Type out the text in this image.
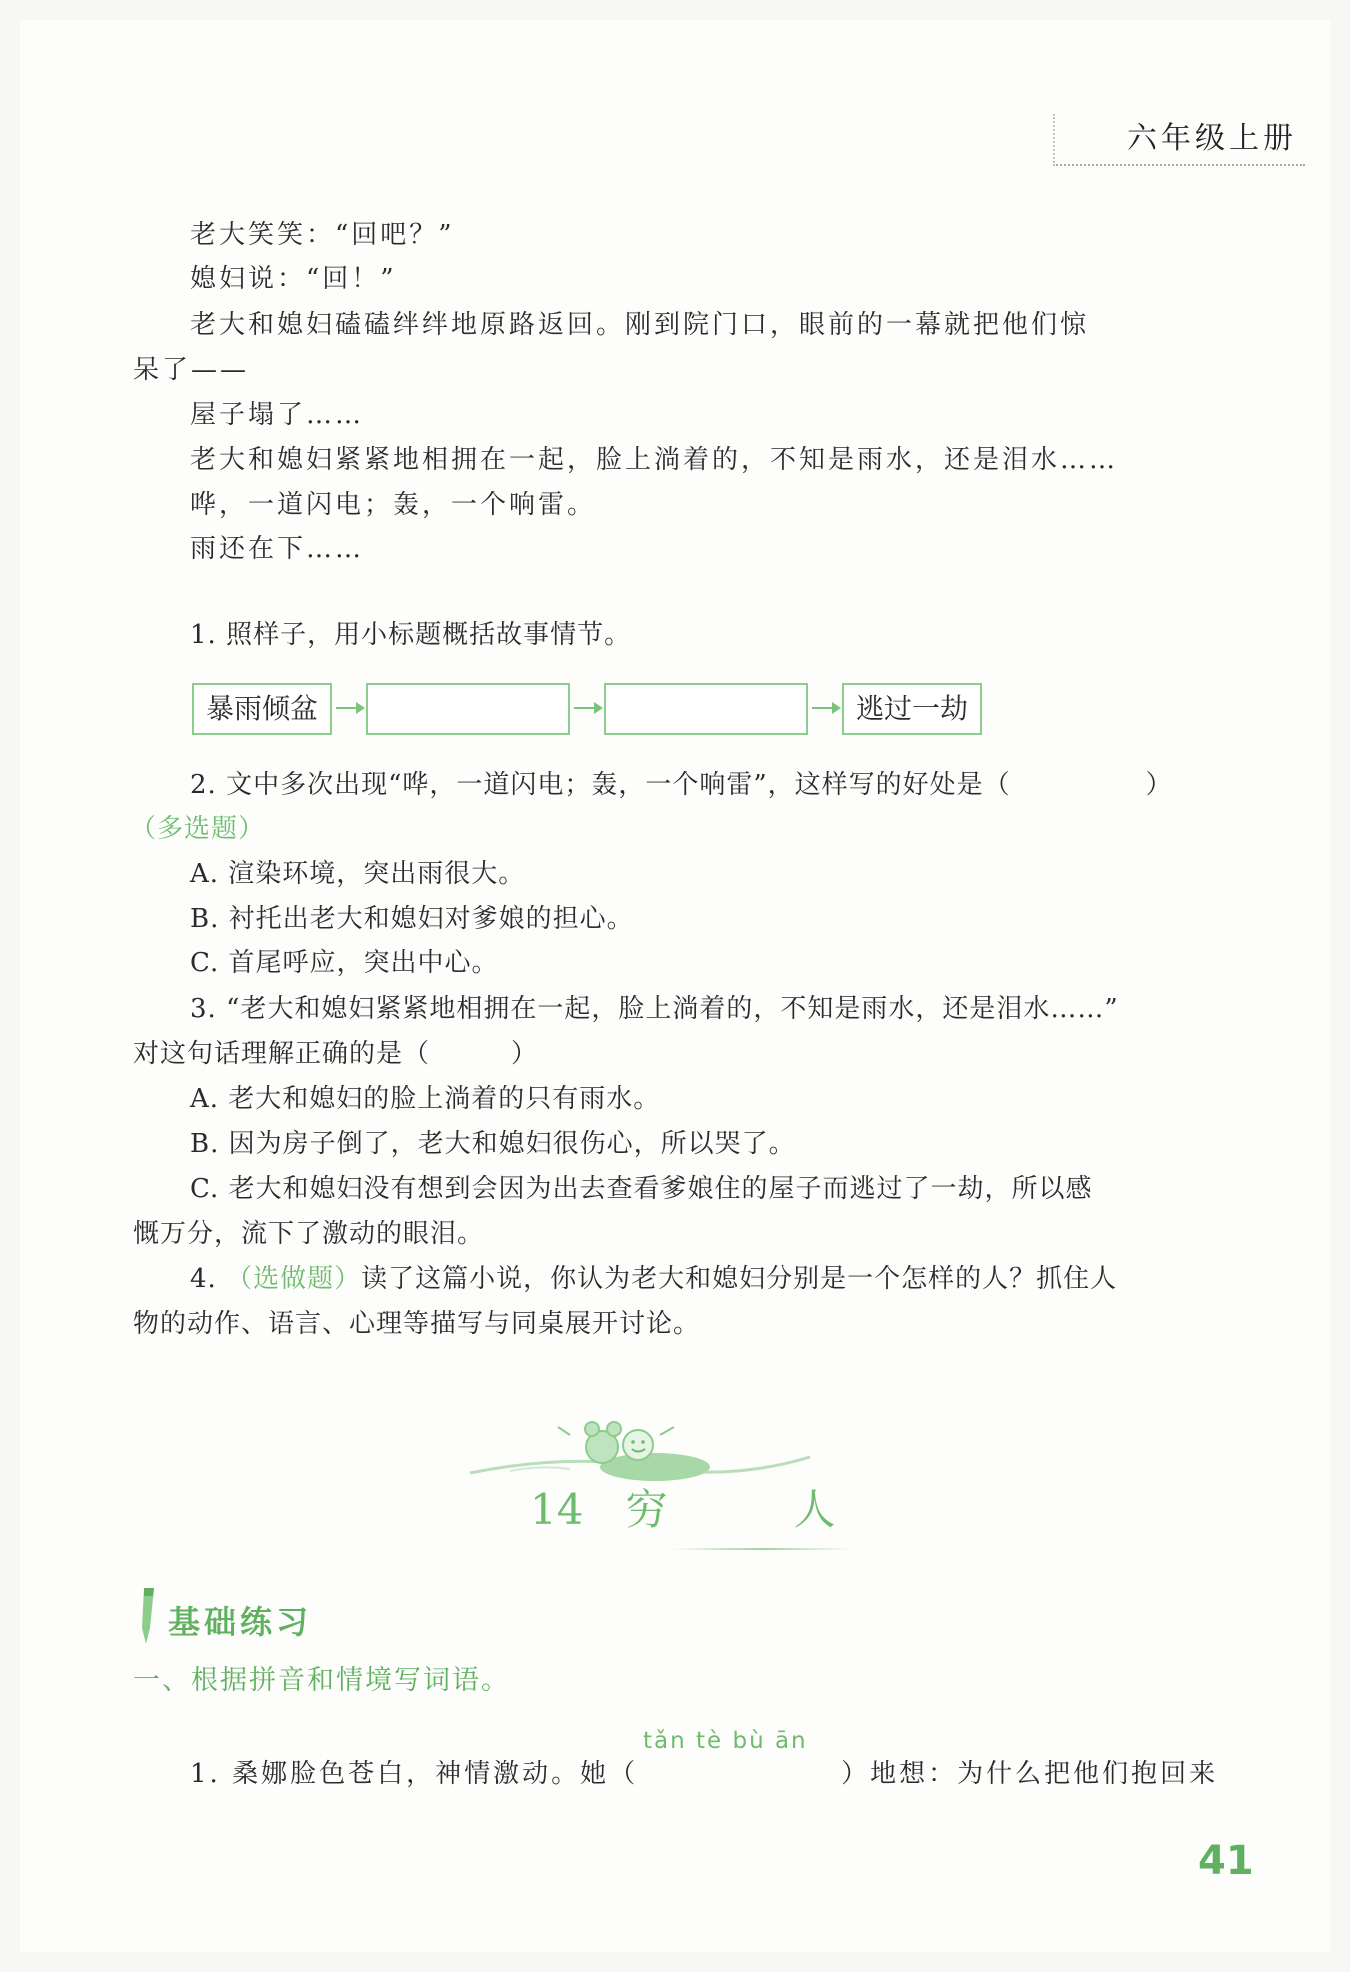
六年级上册
老大笑笑：“回吧？”
媳妇说：“回！”
老大和媳妇磕磕绊绊地原路返回。刚到院门口，眼前的一幕就把他们惊
呆了——
屋子塌了……
老大和媳妇紧紧地相拥在一起，脸上淌着的，不知是雨水，还是泪水……
哗，一道闪电；轰，一个响雷。
雨还在下……
1. 照样子，用小标题概括故事情节。
暴雨倾盆	逃过一劫
2. 文中多次出现“哗，一道闪电；轰，一个响雷”，这样写的好处是（　　　　　）
（多选题）
A. 渲染环境，突出雨很大。
B. 衬托出老大和媳妇对爹娘的担心。
C. 首尾呼应，突出中心。
3. “老大和媳妇紧紧地相拥在一起，脸上淌着的，不知是雨水，还是泪水……”
对这句话理解正确的是（　　　）
A. 老大和媳妇的脸上淌着的只有雨水。
B. 因为房子倒了，老大和媳妇很伤心，所以哭了。
C. 老大和媳妇没有想到会因为出去查看爹娘住的屋子而逃过了一劫，所以感
慨万分，流下了激动的眼泪。
4. （选做题）读了这篇小说，你认为老大和媳妇分别是一个怎样的人？抓住人
物的动作、语言、心理等描写与同桌展开讨论。
14　穷　　　人
基础练习
一、根据拼音和情境写词语。
tǎn tè bù ān
1. 桑娜脸色苍白，神情激动。她（　　　　　　　）地想：为什么把他们抱回来
41
